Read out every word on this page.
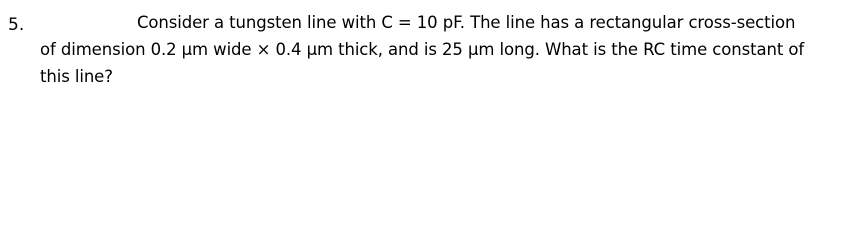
5.	Consider a tungsten line with C = 10 pF. The line has a rectangular cross-section
of dimension 0.2 μm wide × 0.4 μm thick, and is 25 μm long. What is the RC time constant of
this line?
